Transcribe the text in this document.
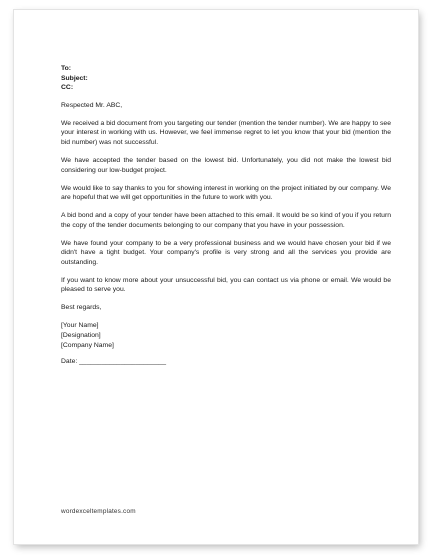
To:
Subject:
CC:

Respected Mr. ABC,

We received a bid document from you targeting our tender (mention the tender number). We are happy to see your interest in working with us. However, we feel immense regret to let you know that your bid (mention the bid number) was not successful.

We have accepted the tender based on the lowest bid. Unfortunately, you did not make the lowest bid considering our low-budget project.

We would like to say thanks to you for showing interest in working on the project initiated by our company. We are hopeful that we will get opportunities in the future to work with you.

A bid bond and a copy of your tender have been attached to this email. It would be so kind of you if you return the copy of the tender documents belonging to our company that you have in your possession.

We have found your company to be a very professional business and we would have chosen your bid if we didn't have a tight budget. Your company's profile is very strong and all the services you provide are outstanding.

If you want to know more about your unsuccessful bid, you can contact us via phone or email. We would be pleased to serve you.

Best regards,

[Your Name]
[Designation]
[Company Name]
Date: _______________________
wordexceltemplates.com
